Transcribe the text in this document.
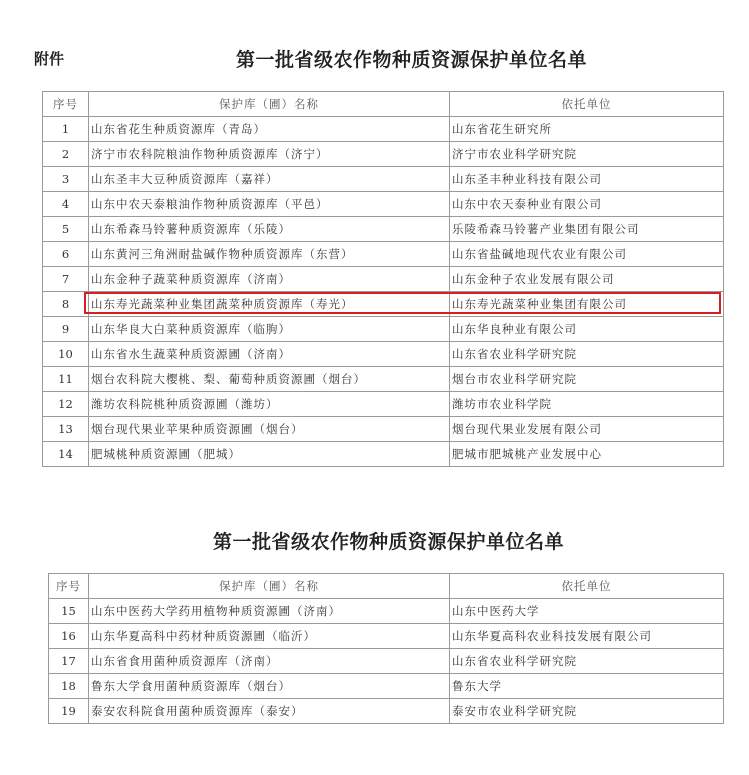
附件	第一批省级农作物种质资源保护单位名单
序号	保护库（圃）名称	依托单位
1	山东省花生种质资源库（青岛）	山东省花生研究所
2	济宁市农科院粮油作物种质资源库（济宁）	济宁市农业科学研究院
3	山东圣丰大豆种质资源库（嘉祥）	山东圣丰种业科技有限公司
4	山东中农天泰粮油作物种质资源库（平邑）	山东中农天泰种业有限公司
5	山东希森马铃薯种质资源库（乐陵）	乐陵希森马铃薯产业集团有限公司
6	山东黄河三角洲耐盐碱作物种质资源库（东营）	山东省盐碱地现代农业有限公司
7	山东金种子蔬菜种质资源库（济南）	山东金种子农业发展有限公司
8	山东寿光蔬菜种业集团蔬菜种质资源库（寿光）	山东寿光蔬菜种业集团有限公司
9	山东华良大白菜种质资源库（临朐）	山东华良种业有限公司
10	山东省水生蔬菜种质资源圃（济南）	山东省农业科学研究院
11	烟台农科院大樱桃、梨、葡萄种质资源圃（烟台）	烟台市农业科学研究院
12	潍坊农科院桃种质资源圃（潍坊）	潍坊市农业科学院
13	烟台现代果业苹果种质资源圃（烟台）	烟台现代果业发展有限公司
14	肥城桃种质资源圃（肥城）	肥城市肥城桃产业发展中心
第一批省级农作物种质资源保护单位名单
序号	保护库（圃）名称	依托单位
15	山东中医药大学药用植物种质资源圃（济南）	山东中医药大学
16	山东华夏高科中药材种质资源圃（临沂）	山东华夏高科农业科技发展有限公司
17	山东省食用菌种质资源库（济南）	山东省农业科学研究院
18	鲁东大学食用菌种质资源库（烟台）	鲁东大学
19	泰安农科院食用菌种质资源库（泰安）	泰安市农业科学研究院
